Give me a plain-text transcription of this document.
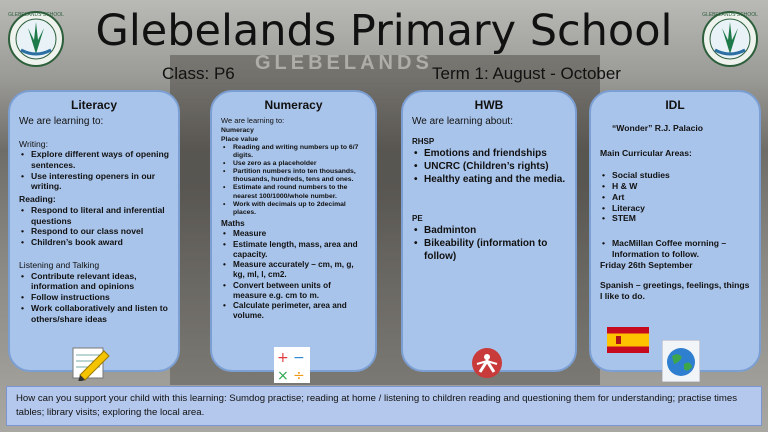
GLEBELANDS
GLEBELANDS SCHOOL	GLEBELANDS SCHOOL
Glebelands Primary School
Class: P6	Term 1: August - October
Literacy
We are learning to:
Writing:
• Explore different ways of opening sentences.
• Use interesting openers in our writing.
Reading:
• Respond to literal and inferential questions
• Respond to our class novel
• Children’s book award
Listening and Talking
• Contribute relevant ideas, information and opinions
• Follow instructions
• Work collaboratively and listen to others/share ideas
Numeracy
We are learning to:
Numeracy
Place value
• Reading and writing numbers up to 6/7 digits.
• Use zero as a placeholder
• Partition numbers into ten thousands, thousands, hundreds, tens and ones.
• Estimate and round numbers to the nearest 100/1000/whole number.
• Work with decimals up to 2decimal places.
Maths
• Measure
• Estimate length, mass, area and capacity.
• Measure accurately – cm, m, g, kg, ml, l, cm2.
• Convert between units of measure e.g. cm to m.
• Calculate perimeter, area and volume.
HWB
We are learning about:
RHSP
• Emotions and friendships
• UNCRC (Children’s rights)
• Healthy eating and the media.
PE
• Badminton
• Bikeability (information to follow)
IDL
“Wonder” R.J. Palacio
Main Curricular Areas:
• Social studies
• H & W
• Art
• Literacy
• STEM
• MacMillan Coffee morning – Information to follow.
Friday 26th September
Spanish – greetings, feelings, things I like to do.
+ −
× ÷
How can you support your child with this learning: Sumdog practise; reading at home / listening to children reading and questioning them for understanding; practise times tables; library visits; exploring the local area.
